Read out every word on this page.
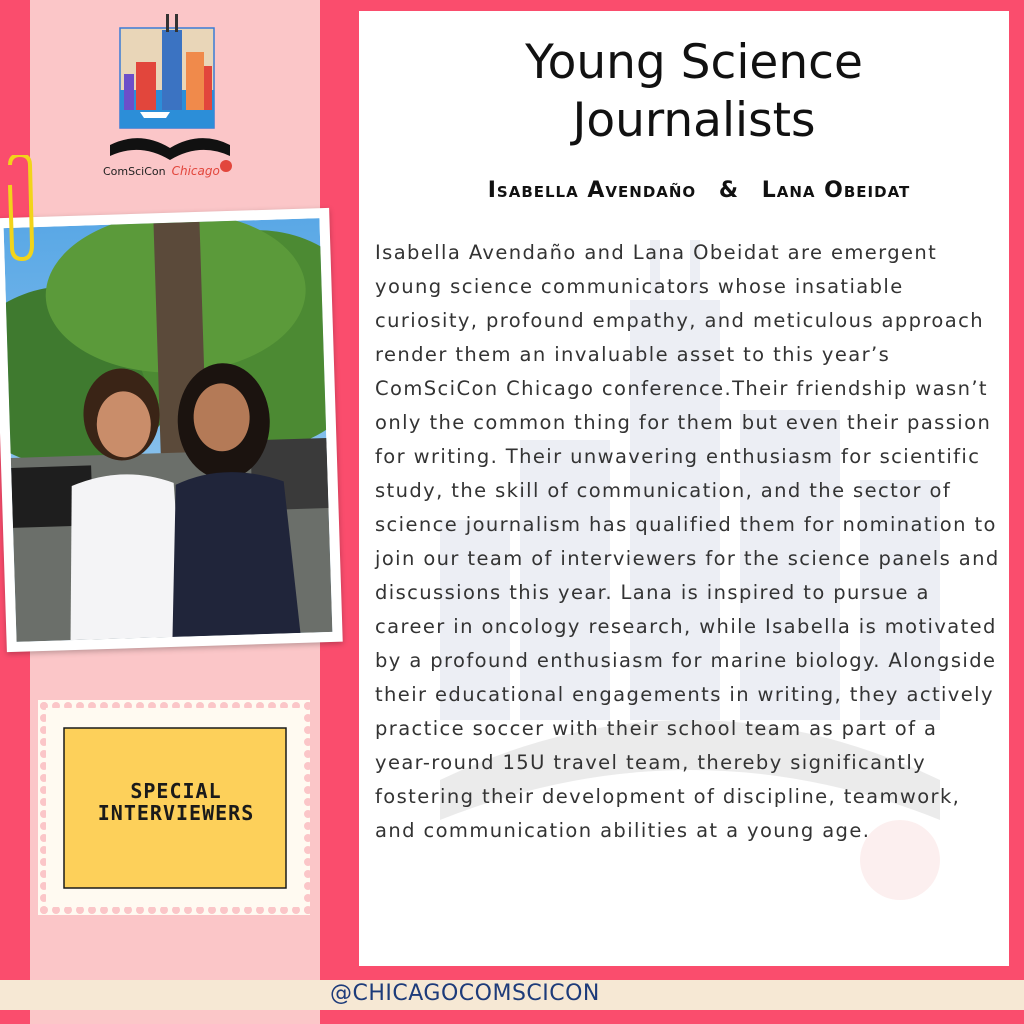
Young Science
Journalists
Isabella Avendaño & Lana Obeidat

Isabella Avendaño and Lana Obeidat are emergent young science communicators whose insatiable curiosity, profound empathy, and meticulous approach render them an invaluable asset to this year’s ComSciCon Chicago conference.Their friendship wasn’t only the common thing for them but even their passion for writing. Their unwavering enthusiasm for scientific study, the skill of communication, and the sector of science journalism has qualified them for nomination to join our team of interviewers for the science panels and discussions this year. Lana is inspired to pursue a career in oncology research, while Isabella is motivated by a profound enthusiasm for marine biology. Alongside their educational engagements in writing, they actively practice soccer with their school team as part of a year-round 15U travel team, thereby significantly fostering their development of discipline, teamwork, and communication abilities at a young age.

ComSciCon Chicago
SPECIAL
INTERVIEWERS
@CHICAGOCOMSCICON
